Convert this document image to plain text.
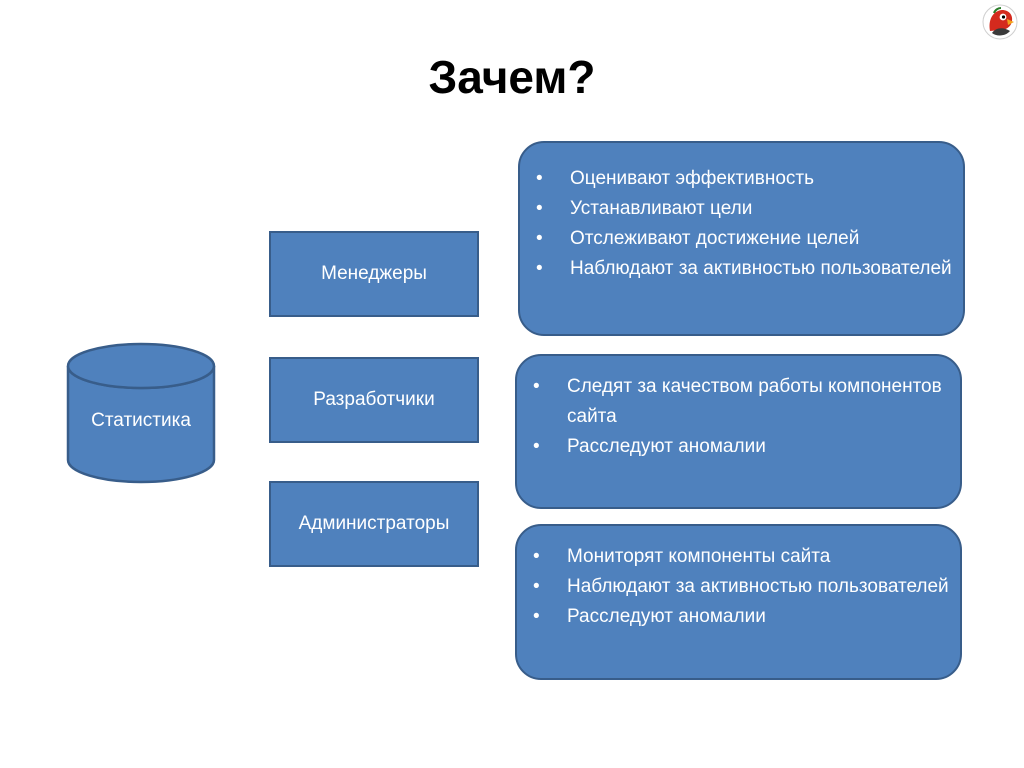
Зачем?
Статистика
Менеджеры
Разработчики
Администраторы
• Оценивают эффективность
• Устанавливают цели
• Отслеживают достижение целей
• Наблюдают за активностью пользователей
• Следят за качеством работы компонентов сайта
• Расследуют аномалии
• Мониторят компоненты сайта
• Наблюдают за активностью пользователей
• Расследуют аномалии
